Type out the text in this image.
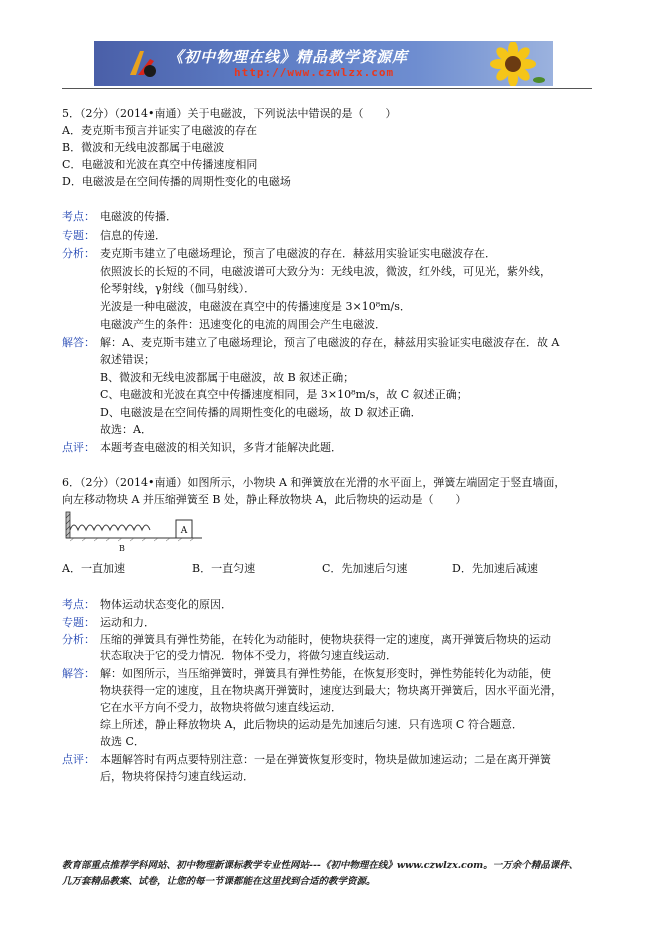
《初中物理在线》精品教学资源库
http://www.czwlzx.com
5．（2分）（2014•南通）关于电磁波，下列说法中错误的是（　　）
A．麦克斯韦预言并证实了电磁波的存在
B．微波和无线电波都属于电磁波
C．电磁波和光波在真空中传播速度相同
D．电磁波是在空间传播的周期性变化的电磁场
考点： 电磁波的传播．
专题： 信息的传递．
分析： 麦克斯韦建立了电磁场理论，预言了电磁波的存在．赫兹用实验证实电磁波存在．
依照波长的长短的不同，电磁波谱可大致分为：无线电波，微波，红外线，可见光，紫外线，
伦琴射线，γ射线（伽马射线）．
光波是一种电磁波，电磁波在真空中的传播速度是 3×10⁸m/s．
电磁波产生的条件：迅速变化的电流的周围会产生电磁波．
解答： 解：A、麦克斯韦建立了电磁场理论，预言了电磁波的存在，赫兹用实验证实电磁波存在．故 A
叙述错误；
B、微波和无线电波都属于电磁波，故 B 叙述正确；
C、电磁波和光波在真空中传播速度相同，是 3×10⁸m/s，故 C 叙述正确；
D、电磁波是在空间传播的周期性变化的电磁场，故 D 叙述正确．
故选：A．
点评： 本题考查电磁波的相关知识，多背才能解决此题．
6．（2分）（2014•南通）如图所示，小物块 A 和弹簧放在光滑的水平面上，弹簧左端固定于竖直墙面，
向左移动物块 A 并压缩弹簧至 B 处，静止释放物块 A，此后物块的运动是（　　）
A
B
A．一直加速	B．一直匀速	C．先加速后匀速	D．先加速后减速
考点： 物体运动状态变化的原因．
专题： 运动和力．
分析： 压缩的弹簧具有弹性势能，在转化为动能时，使物块获得一定的速度，离开弹簧后物块的运动
状态取决于它的受力情况．物体不受力，将做匀速直线运动．
解答： 解：如图所示，当压缩弹簧时，弹簧具有弹性势能，在恢复形变时，弹性势能转化为动能，使
物块获得一定的速度，且在物块离开弹簧时，速度达到最大；物块离开弹簧后，因水平面光滑，
它在水平方向不受力，故物块将做匀速直线运动．
综上所述，静止释放物块 A，此后物块的运动是先加速后匀速．只有选项 C 符合题意．
故选 C．
点评： 本题解答时有两点要特别注意：一是在弹簧恢复形变时，物块是做加速运动；二是在离开弹簧
后，物块将保持匀速直线运动．
教育部重点推荐学科网站、初中物理新课标教学专业性网站---《初中物理在线》www.czwlzx.com。一万余个精品课件、
几万套精品教案、试卷，让您的每一节课都能在这里找到合适的教学资源。
